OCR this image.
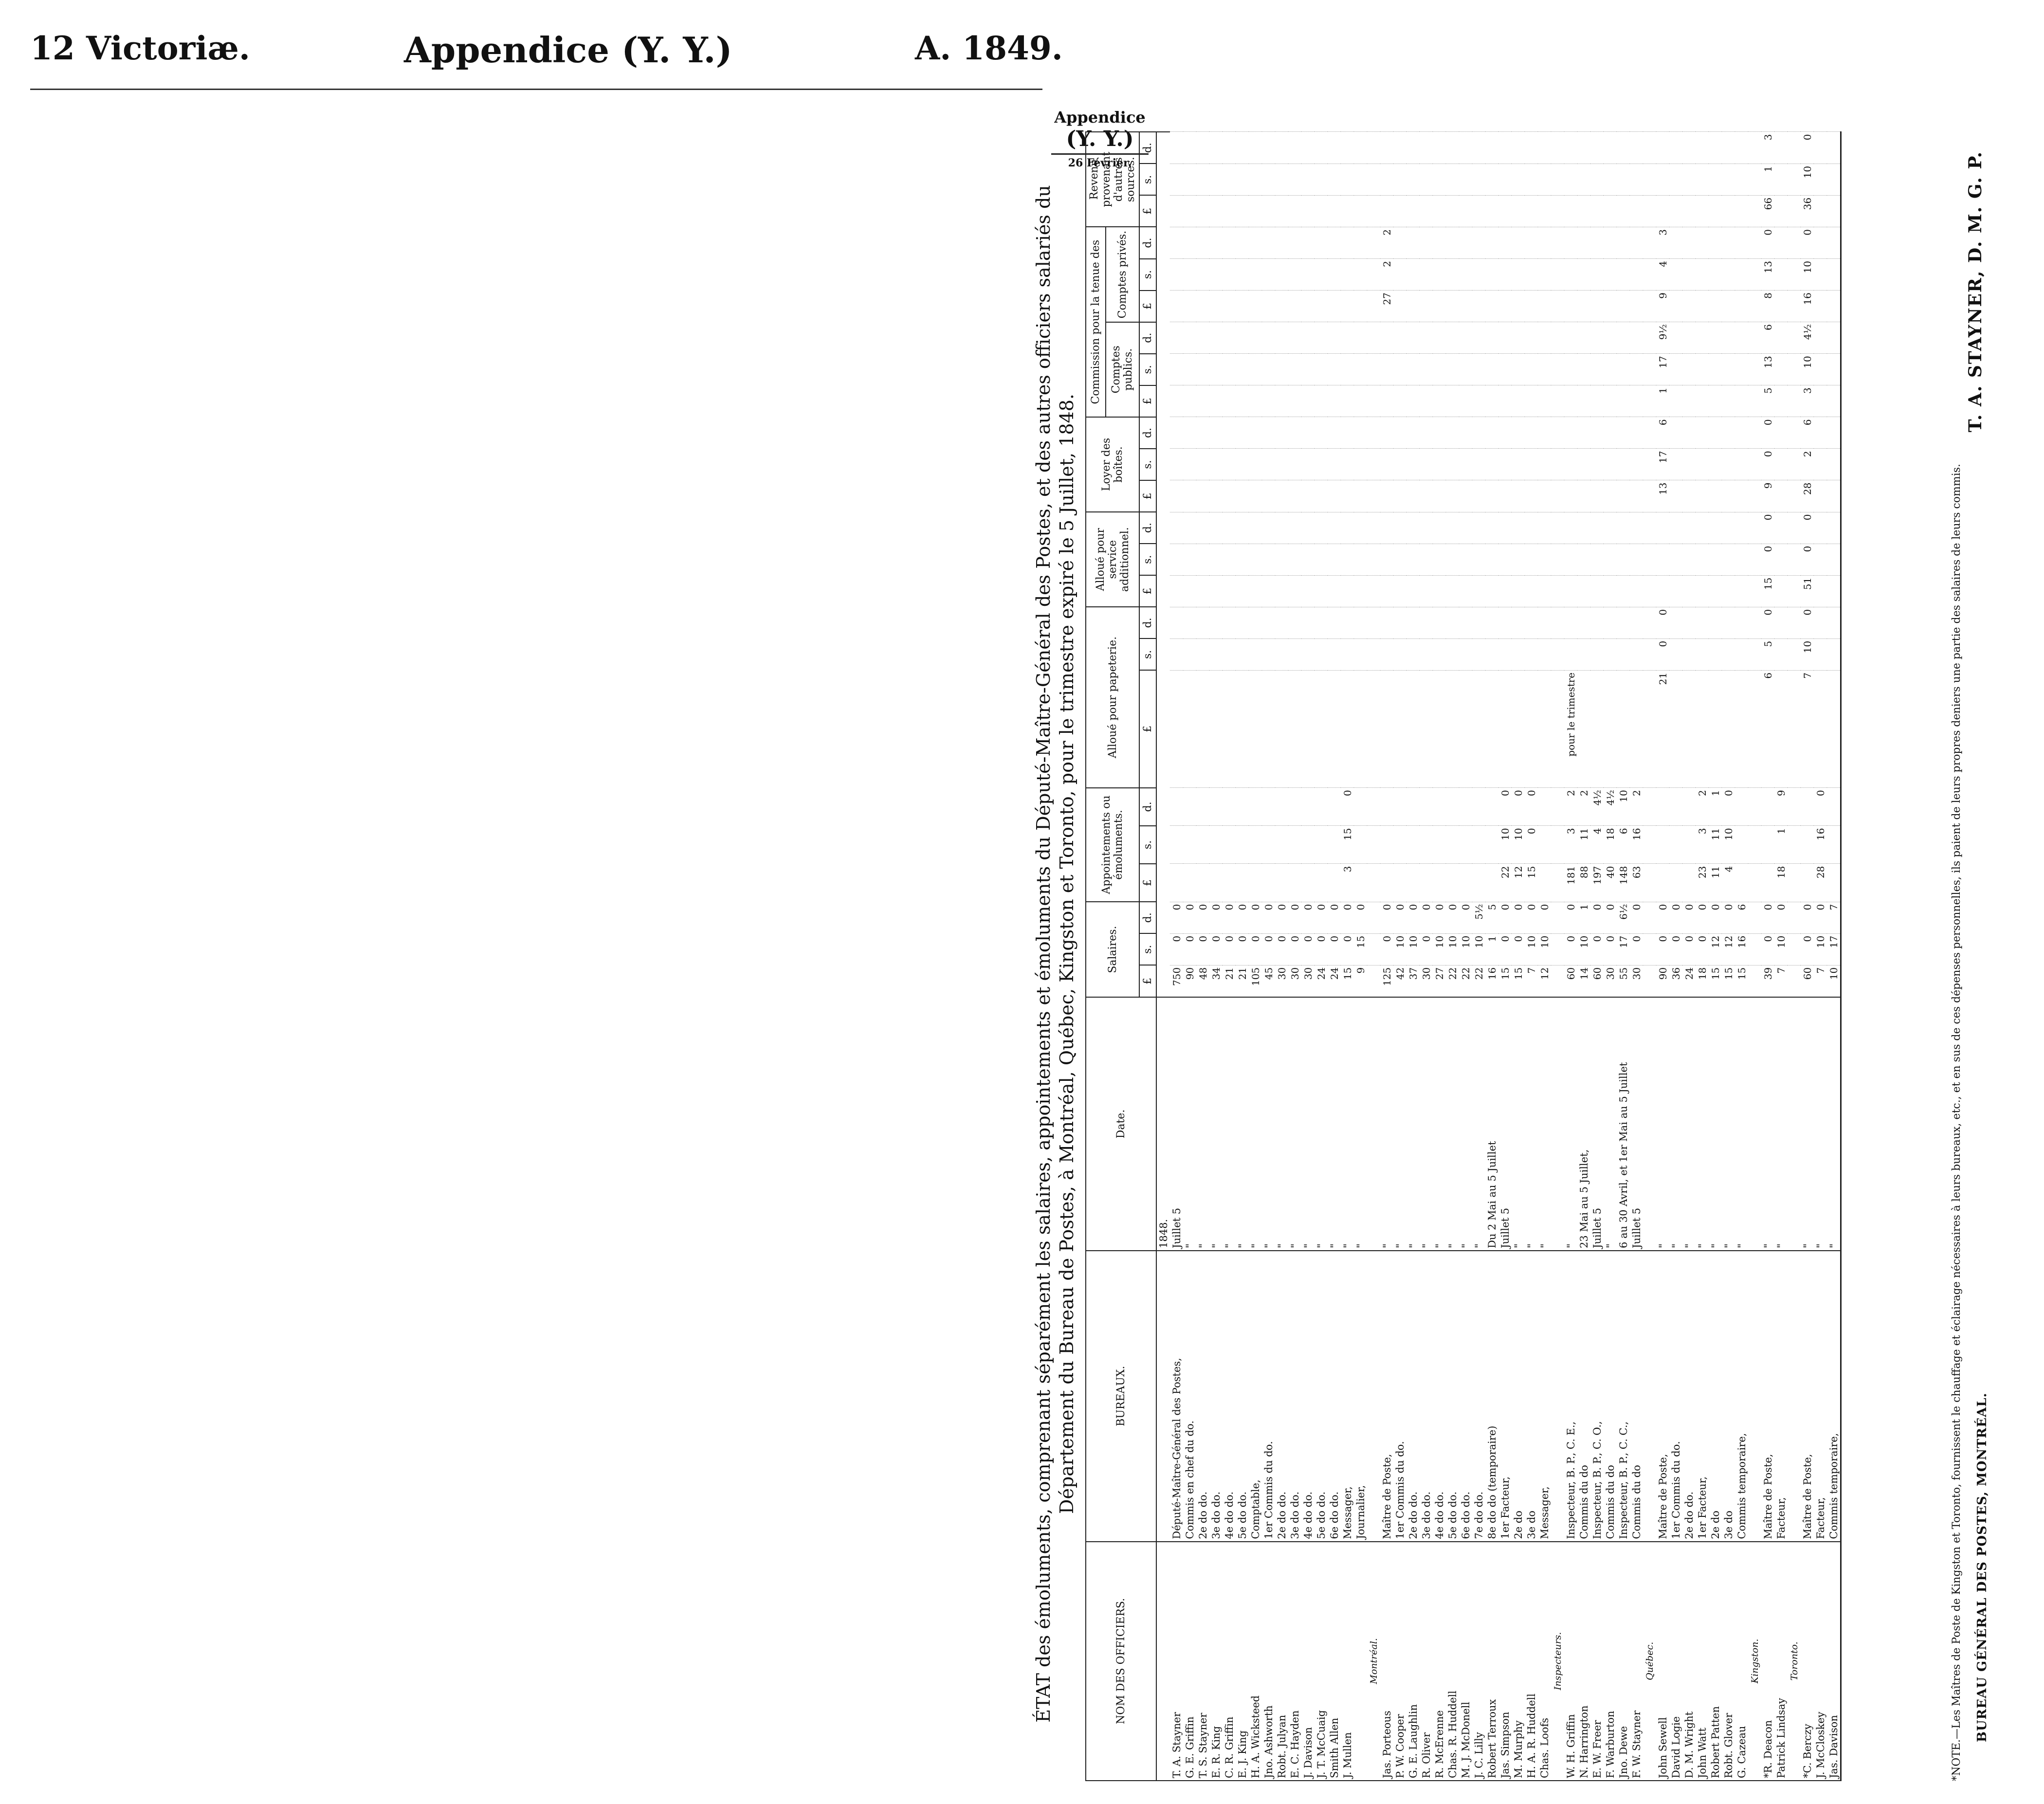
12 Victoriæ.	Appendice (Y. Y.)	A. 1849.
Appendice
(Y. Y.)
26 Février.
ÉTAT des émoluments, comprenant séparément les salaires, appointements et émoluments du Député-Maître-Général des Postes, et des autres officiers salariés du Département du Bureau de Postes, à Montréal, Québec, Kingston et Toronto, pour le trimestre expiré le 5 Juillet, 1848.
NOM DES OFFICIERS.	BUREAUX.	Date.	Salaires.			Appointements ou émoluments.			Alloué pour papeterie.			Alloué pour service additionnel.			Loyer des boîtes.			Commission pour la tenue des						Revenu provenant d'autres sources.		
																		Comptes publics.			Comptes privés.					
			£	s.	d.	£	s.	d.	£	s.	d.	£	s.	d.	£	s.	d.	£	s.	d.	£	s.	d.	£	s.	d.
		1848.																								
T. A. Stayner	Député-Maître-Général des Postes,	Juillet 5	750	0	0																					
G. E. Griffin	Commis en chef du do.	"	90	0	0																					
T. S. Stayner	2e do do.	"	48	0	0																					
E. R. King	3e do do.	"	34	0	0																					
C. R. Griffin	4e do do.	"	21	0	0																					
E. J. King	5e do do.	"	21	0	0																					
H. A. Wicksteed	Comptable,	"	105	0	0																					
Jno. Ashworth	1er Commis du do.	"	45	0	0																					
Robt. Julyan	2e do do.	"	30	0	0																					
E. C. Hayden	3e do do.	"	30	0	0																					
J. Davison	4e do do.	"	30	0	0																					
J. T. McCuaig	5e do do.	"	24	0	0																					
Smith Allen	6e do do.	"	24	0	0																					
J. Mullen	Messager,	"	15	0	0	3	15	0																		
	Journalier,	"	9	15	0																					
Montréal.																										
Jas. Porteous	Maître de Poste,	"	125	0	0																27	2	2			
P. W. Cooper	1er Commis du do.	"	42	10	0																					
G. E. Laughlin	2e do do.	"	37	10	0																					
R. Oliver	3e do do.	"	30	0	0																					
R. McErenne	4e do do.	"	27	10	0																					
Chas. R. Huddell	5e do do.	"	22	10	0																					
M. J. McDonell	6e do do.	"	22	10	0																					
J. C. Lilly	7e do do.	"	22	10	5½																					
Robert Terroux	8e do do (temporaire)	Du 2 Mai au 5 Juillet	16	1	5																					
Jas. Simpson	1er Facteur,	Juillet 5	15	0	0	22	10	0																		
M. Murphy	2e do	"	15	0	0	12	10	0																		
H. A. R. Huddell	3e do	"	7	10	0	15	0	0																		
Chas. Loofs	Messager,	"	12	10	0																					
Inspecteurs.																										
W. H. Griffin	Inspecteur, B. P., C. E.,	"	60	0	0	181	3	2	pour le trimestre																	
N. Harrington	Commis du do	23 Mai au 5 Juillet,	14	10	1	88	11	2																		
E. W. Freer	Inspecteur, B. P., C. O.,	Juillet 5	60	0	0	197	4	4½																		
F. Warburton	Commis du do	"	30	0	0	40	18	4½																		
Jno. Dewe	Inspecteur, B. P., C. C.,	6 au 30 Avril, et 1er Mai au 5 Juillet	55	17	6½	148	6	10																		
F. W. Stayner	Commis du do	Juillet 5	30	0	0	63	16	2																		
Québec.																										
John Sewell	Maître de Poste,	"	90	0	0				21	0	0				13	17	6	1	17	9½	9	4	3			
David Logie	1er Commis du do.	"	36	0	0																					
D. M. Wright	2e do do.	"	24	0	0																					
John Watt	1er Facteur,	"	18	0	0	23	3	2																		
Robert Patten	2e do	"	15	12	0	11	11	1																		
Robt. Glover	3e do	"	15	12	0	4	10	0																		
G. Cazeau	Commis temporaire,	"	15	16	6																					
Kingston.																										
*R. Deacon	Maître de Poste,	"	39	0	0				6	5	0	15	0	0	9	0	0	5	13	6	8	13	0	66	1	3
Patrick Lindsay	Facteur,	"	7	10	0	18	1	9																		
Toronto.																										
*C. Berczy	Maître de Poste,	"	60	0	0				7	10	0	51	0	0	28	2	6	3	10	4½	16	10	0	36	10	0
J. McCloskey	Facteur,	"	7	10	0	28	16	0																		
Jas. Davison	Commis temporaire,	"	10	17	7																						*NOTE.—Les Maîtres de Poste de Kingston et Toronto, fournissent le chauffage et éclairage nécessaires à leurs bureaux, etc., et en sus de ces dépenses personnelles, ils paient de leurs propres deniers une partie des salaires de leurs commis. BUREAU GÉNÉRAL DES POSTES, MONTRÉAL.
T. A. STAYNER, D. M. G. P.
